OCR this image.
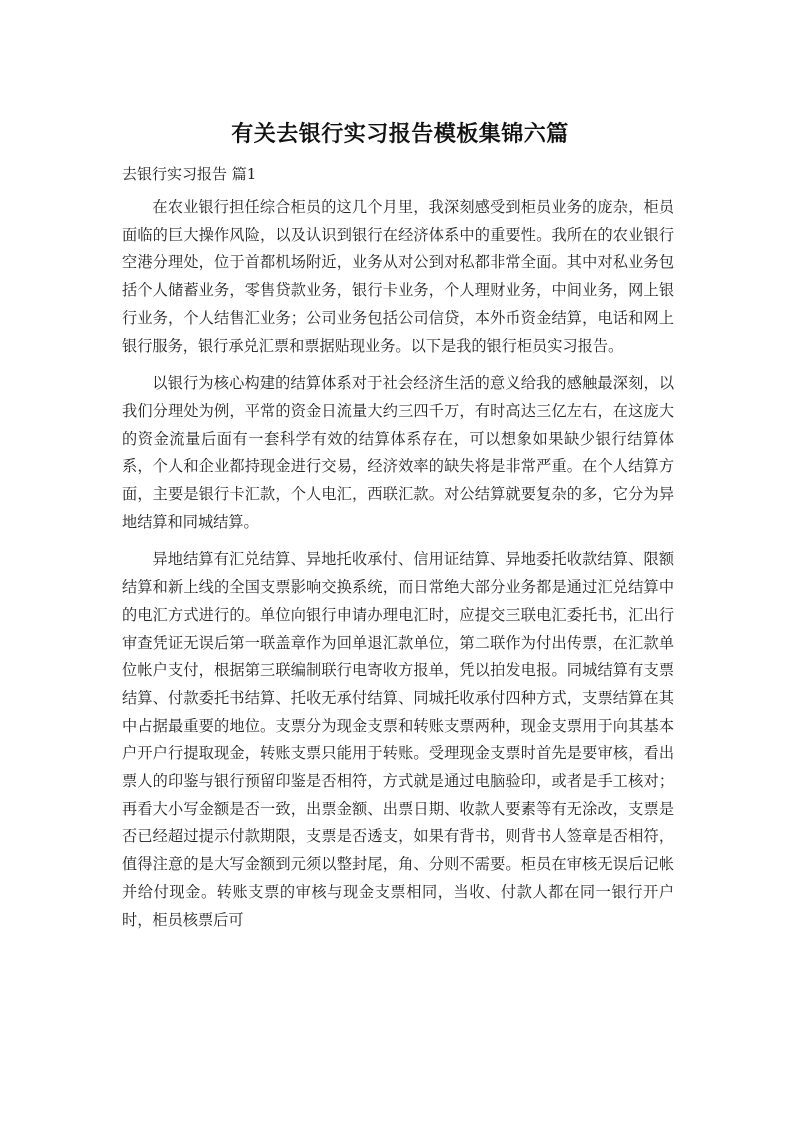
有关去银行实习报告模板集锦六篇
去银行实习报告 篇1

在农业银行担任综合柜员的这几个月里，我深刻感受到柜员业务的庞杂，柜员面临的巨大操作风险，以及认识到银行在经济体系中的重要性。我所在的农业银行空港分理处，位于首都机场附近，业务从对公到对私都非常全面。其中对私业务包括个人储蓄业务，零售贷款业务，银行卡业务，个人理财业务，中间业务，网上银行业务，个人结售汇业务；公司业务包括公司信贷，本外币资金结算，电话和网上银行服务，银行承兑汇票和票据贴现业务。以下是我的银行柜员实习报告。

以银行为核心构建的结算体系对于社会经济生活的意义给我的感触最深刻，以我们分理处为例，平常的资金日流量大约三四千万，有时高达三亿左右，在这庞大的资金流量后面有一套科学有效的结算体系存在，可以想象如果缺少银行结算体系，个人和企业都持现金进行交易，经济效率的缺失将是非常严重。在个人结算方面，主要是银行卡汇款，个人电汇，西联汇款。对公结算就要复杂的多，它分为异地结算和同城结算。

异地结算有汇兑结算、异地托收承付、信用证结算、异地委托收款结算、限额结算和新上线的全国支票影响交换系统，而日常绝大部分业务都是通过汇兑结算中的电汇方式进行的。单位向银行申请办理电汇时，应提交三联电汇委托书，汇出行审查凭证无误后第一联盖章作为回单退汇款单位，第二联作为付出传票，在汇款单位帐户支付，根据第三联编制联行电寄收方报单，凭以拍发电报。同城结算有支票结算、付款委托书结算、托收无承付结算、同城托收承付四种方式，支票结算在其中占据最重要的地位。支票分为现金支票和转账支票两种，现金支票用于向其基本户开户行提取现金，转账支票只能用于转账。受理现金支票时首先是要审核，看出票人的印鉴与银行预留印鉴是否相符，方式就是通过电脑验印，或者是手工核对；再看大小写金额是否一致，出票金额、出票日期、收款人要素等有无涂改，支票是否已经超过提示付款期限，支票是否透支，如果有背书，则背书人签章是否相符，值得注意的是大写金额到元须以整封尾，角、分则不需要。柜员在审核无误后记帐并给付现金。转账支票的审核与现金支票相同，当收、付款人都在同一银行开户时，柜员核票后可
